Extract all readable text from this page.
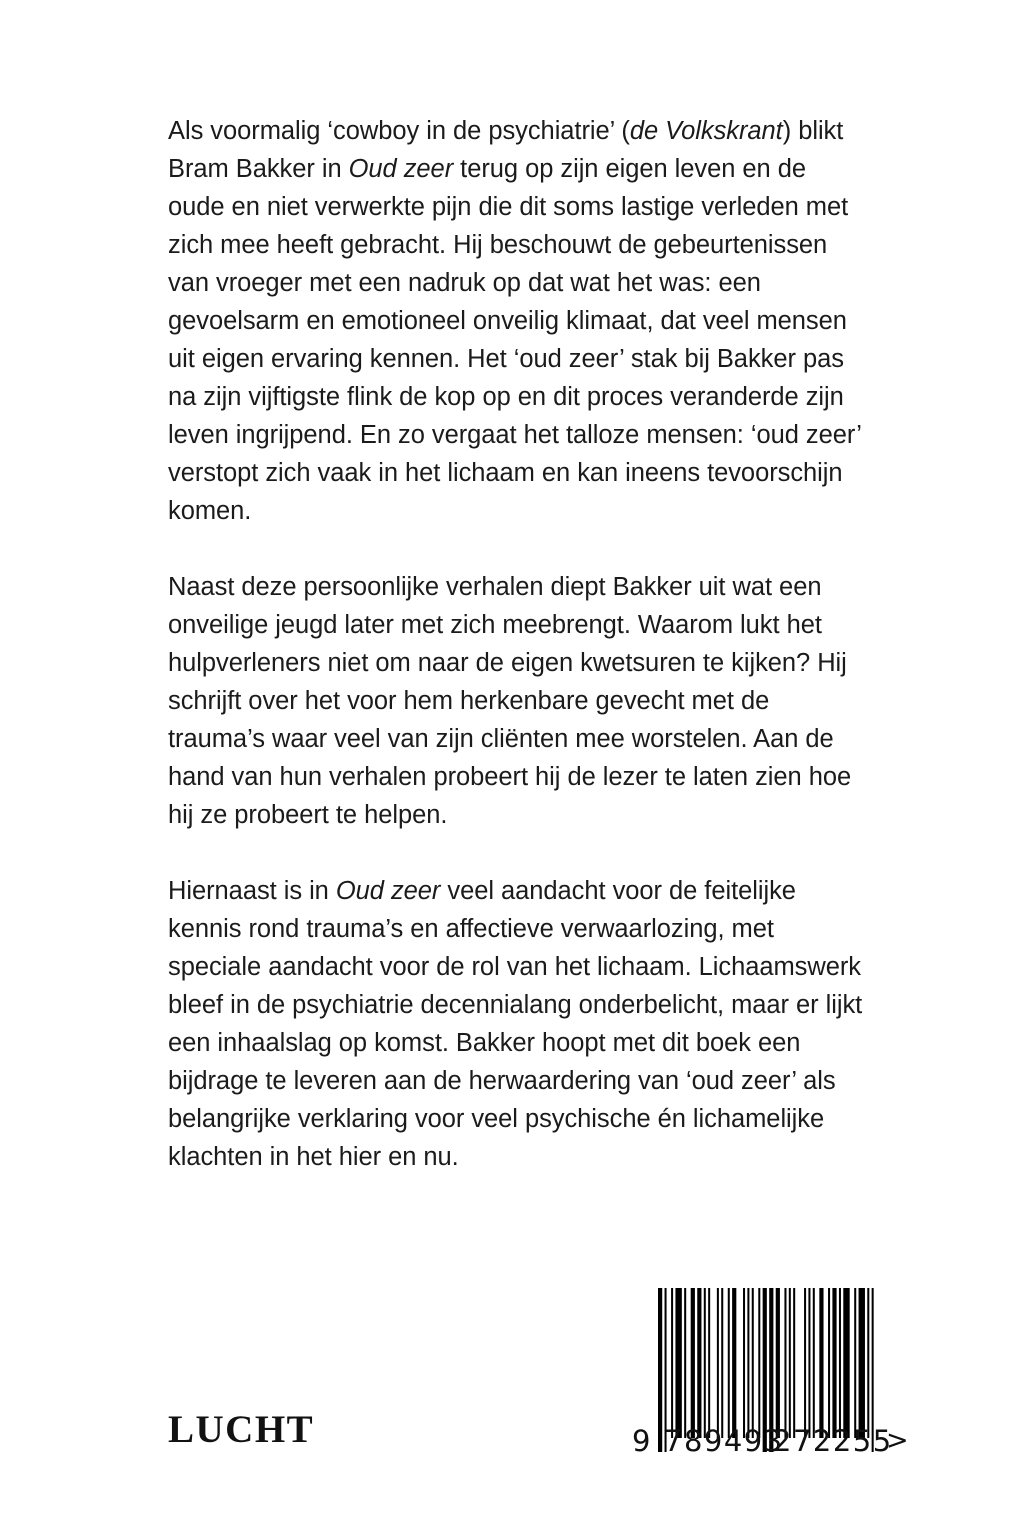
Als voormalig ‘cowboy in de psychiatrie’ (de Volkskrant) blikt Bram Bakker in Oud zeer terug op zijn eigen leven en de oude en niet verwerkte pijn die dit soms lastige verleden met zich mee heeft gebracht. Hij beschouwt de gebeurtenissen van vroeger met een nadruk op dat wat het was: een gevoelsarm en emotioneel onveilig klimaat, dat veel mensen uit eigen ervaring kennen. Het ‘oud zeer’ stak bij Bakker pas na zijn vijftigste flink de kop op en dit proces veranderde zijn leven ingrijpend. En zo vergaat het talloze mensen: ‘oud zeer’ verstopt zich vaak in het lichaam en kan ineens tevoorschijn komen.

Naast deze persoonlijke verhalen diept Bakker uit wat een onveilige jeugd later met zich meebrengt. Waarom lukt het hulpverleners niet om naar de eigen kwetsuren te kijken? Hij schrijft over het voor hem herkenbare gevecht met de trauma’s waar veel van zijn cliënten mee worstelen. Aan de hand van hun verhalen probeert hij de lezer te laten zien hoe hij ze probeert te helpen.

Hiernaast is in Oud zeer veel aandacht voor de feitelijke kennis rond trauma’s en affectieve verwaarlozing, met speciale aandacht voor de rol van het lichaam. Lichaamswerk bleef in de psychiatrie decennialang onderbelicht, maar er lijkt een inhaalslag op komst. Bakker hoopt met dit boek een bijdrage te leveren aan de herwaardering van ‘oud zeer’ als belangrijke verklaring voor veel psychische én lichamelijke klachten in het hier en nu.

LUCHT	9 789493
272255
>
